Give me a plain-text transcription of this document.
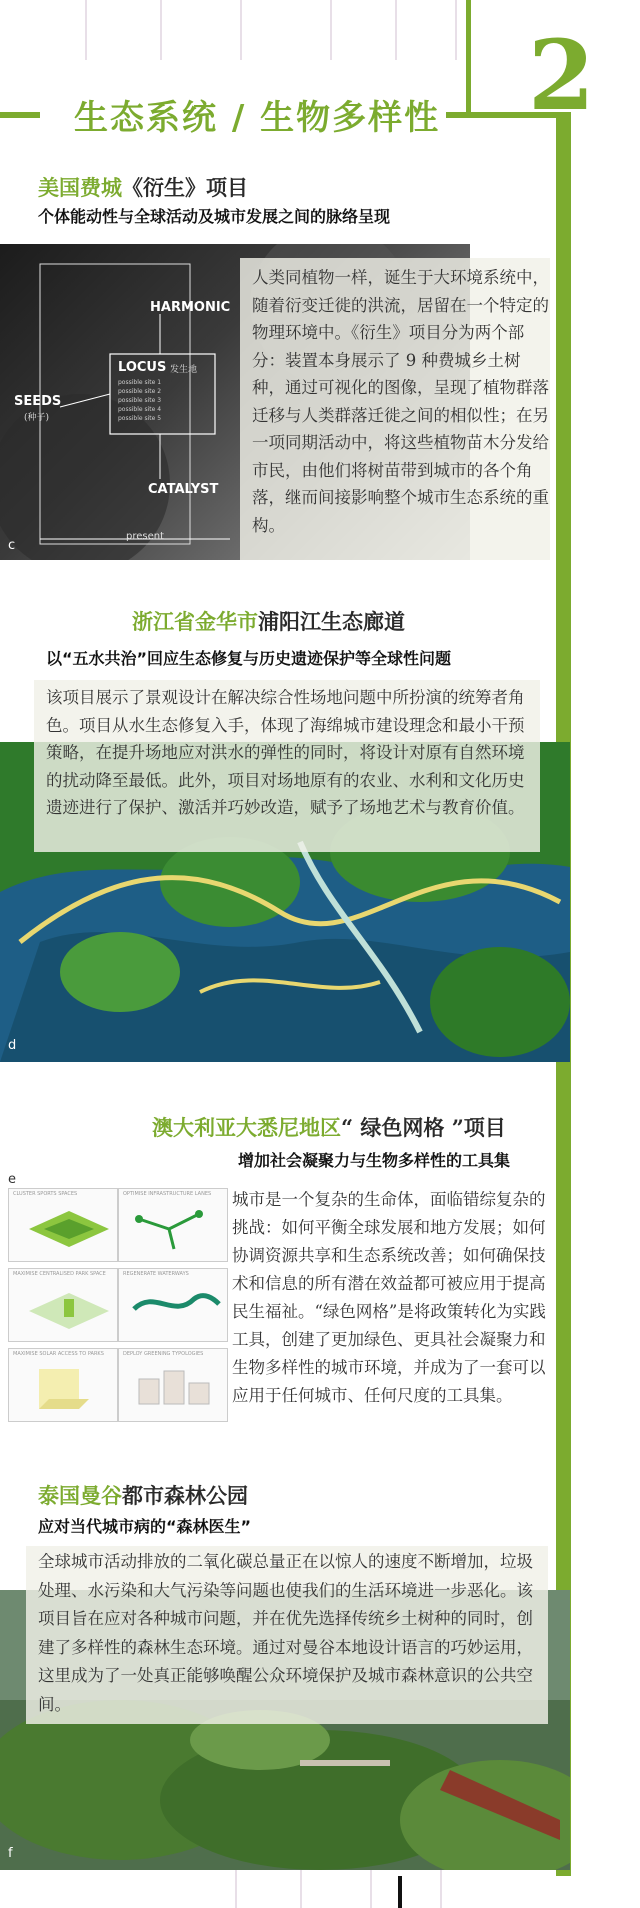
2
生态系统 / 生物多样性
美国费城《衍生》项目
个体能动性与全球活动及城市发展之间的脉络呈现
HARMONIC
LOCUS 发生地
possible site 1
possible site 2
possible site 3
possible site 4
possible site 5
SEEDS
(种子)
CATALYST
present
c
人类同植物一样，诞生于大环境系统中，随着衍变迁徙的洪流，居留在一个特定的物理环境中。《衍生》项目分为两个部分：装置本身展示了 9 种费城乡土树种，通过可视化的图像，呈现了植物群落迁移与人类群落迁徙之间的相似性；在另一项同期活动中，将这些植物苗木分发给市民，由他们将树苗带到城市的各个角落，继而间接影响整个城市生态系统的重构。
浙江省金华市浦阳江生态廊道
以“五水共治”回应生态修复与历史遗迹保护等全球性问题
d
该项目展示了景观设计在解决综合性场地问题中所扮演的统筹者角色。项目从水生态修复入手，体现了海绵城市建设理念和最小干预策略，在提升场地应对洪水的弹性的同时，将设计对原有自然环境的扰动降至最低。此外，项目对场地原有的农业、水利和文化历史遗迹进行了保护、激活并巧妙改造，赋予了场地艺术与教育价值。
澳大利亚大悉尼地区“ 绿色网格 ”项目
增加社会凝聚力与生物多样性的工具集
e
CLUSTER SPORTS SPACES	OPTIMISE INFRASTRUCTURE LANES
MAXIMISE CENTRALISED PARK SPACE	REGENERATE WATERWAYS
MAXIMISE SOLAR ACCESS TO PARKS	DEPLOY GREENING TYPOLOGIES
城市是一个复杂的生命体，面临错综复杂的挑战：如何平衡全球发展和地方发展；如何协调资源共享和生态系统改善；如何确保技术和信息的所有潜在效益都可被应用于提高民生福祉。“绿色网格”是将政策转化为实践工具，创建了更加绿色、更具社会凝聚力和生物多样性的城市环境，并成为了一套可以应用于任何城市、任何尺度的工具集。
泰国曼谷都市森林公园
应对当代城市病的“森林医生”
f
全球城市活动排放的二氧化碳总量正在以惊人的速度不断增加，垃圾处理、水污染和大气污染等问题也使我们的生活环境进一步恶化。该项目旨在应对各种城市问题，并在优先选择传统乡土树种的同时，创建了多样性的森林生态环境。通过对曼谷本地设计语言的巧妙运用，这里成为了一处真正能够唤醒公众环境保护及城市森林意识的公共空间。
